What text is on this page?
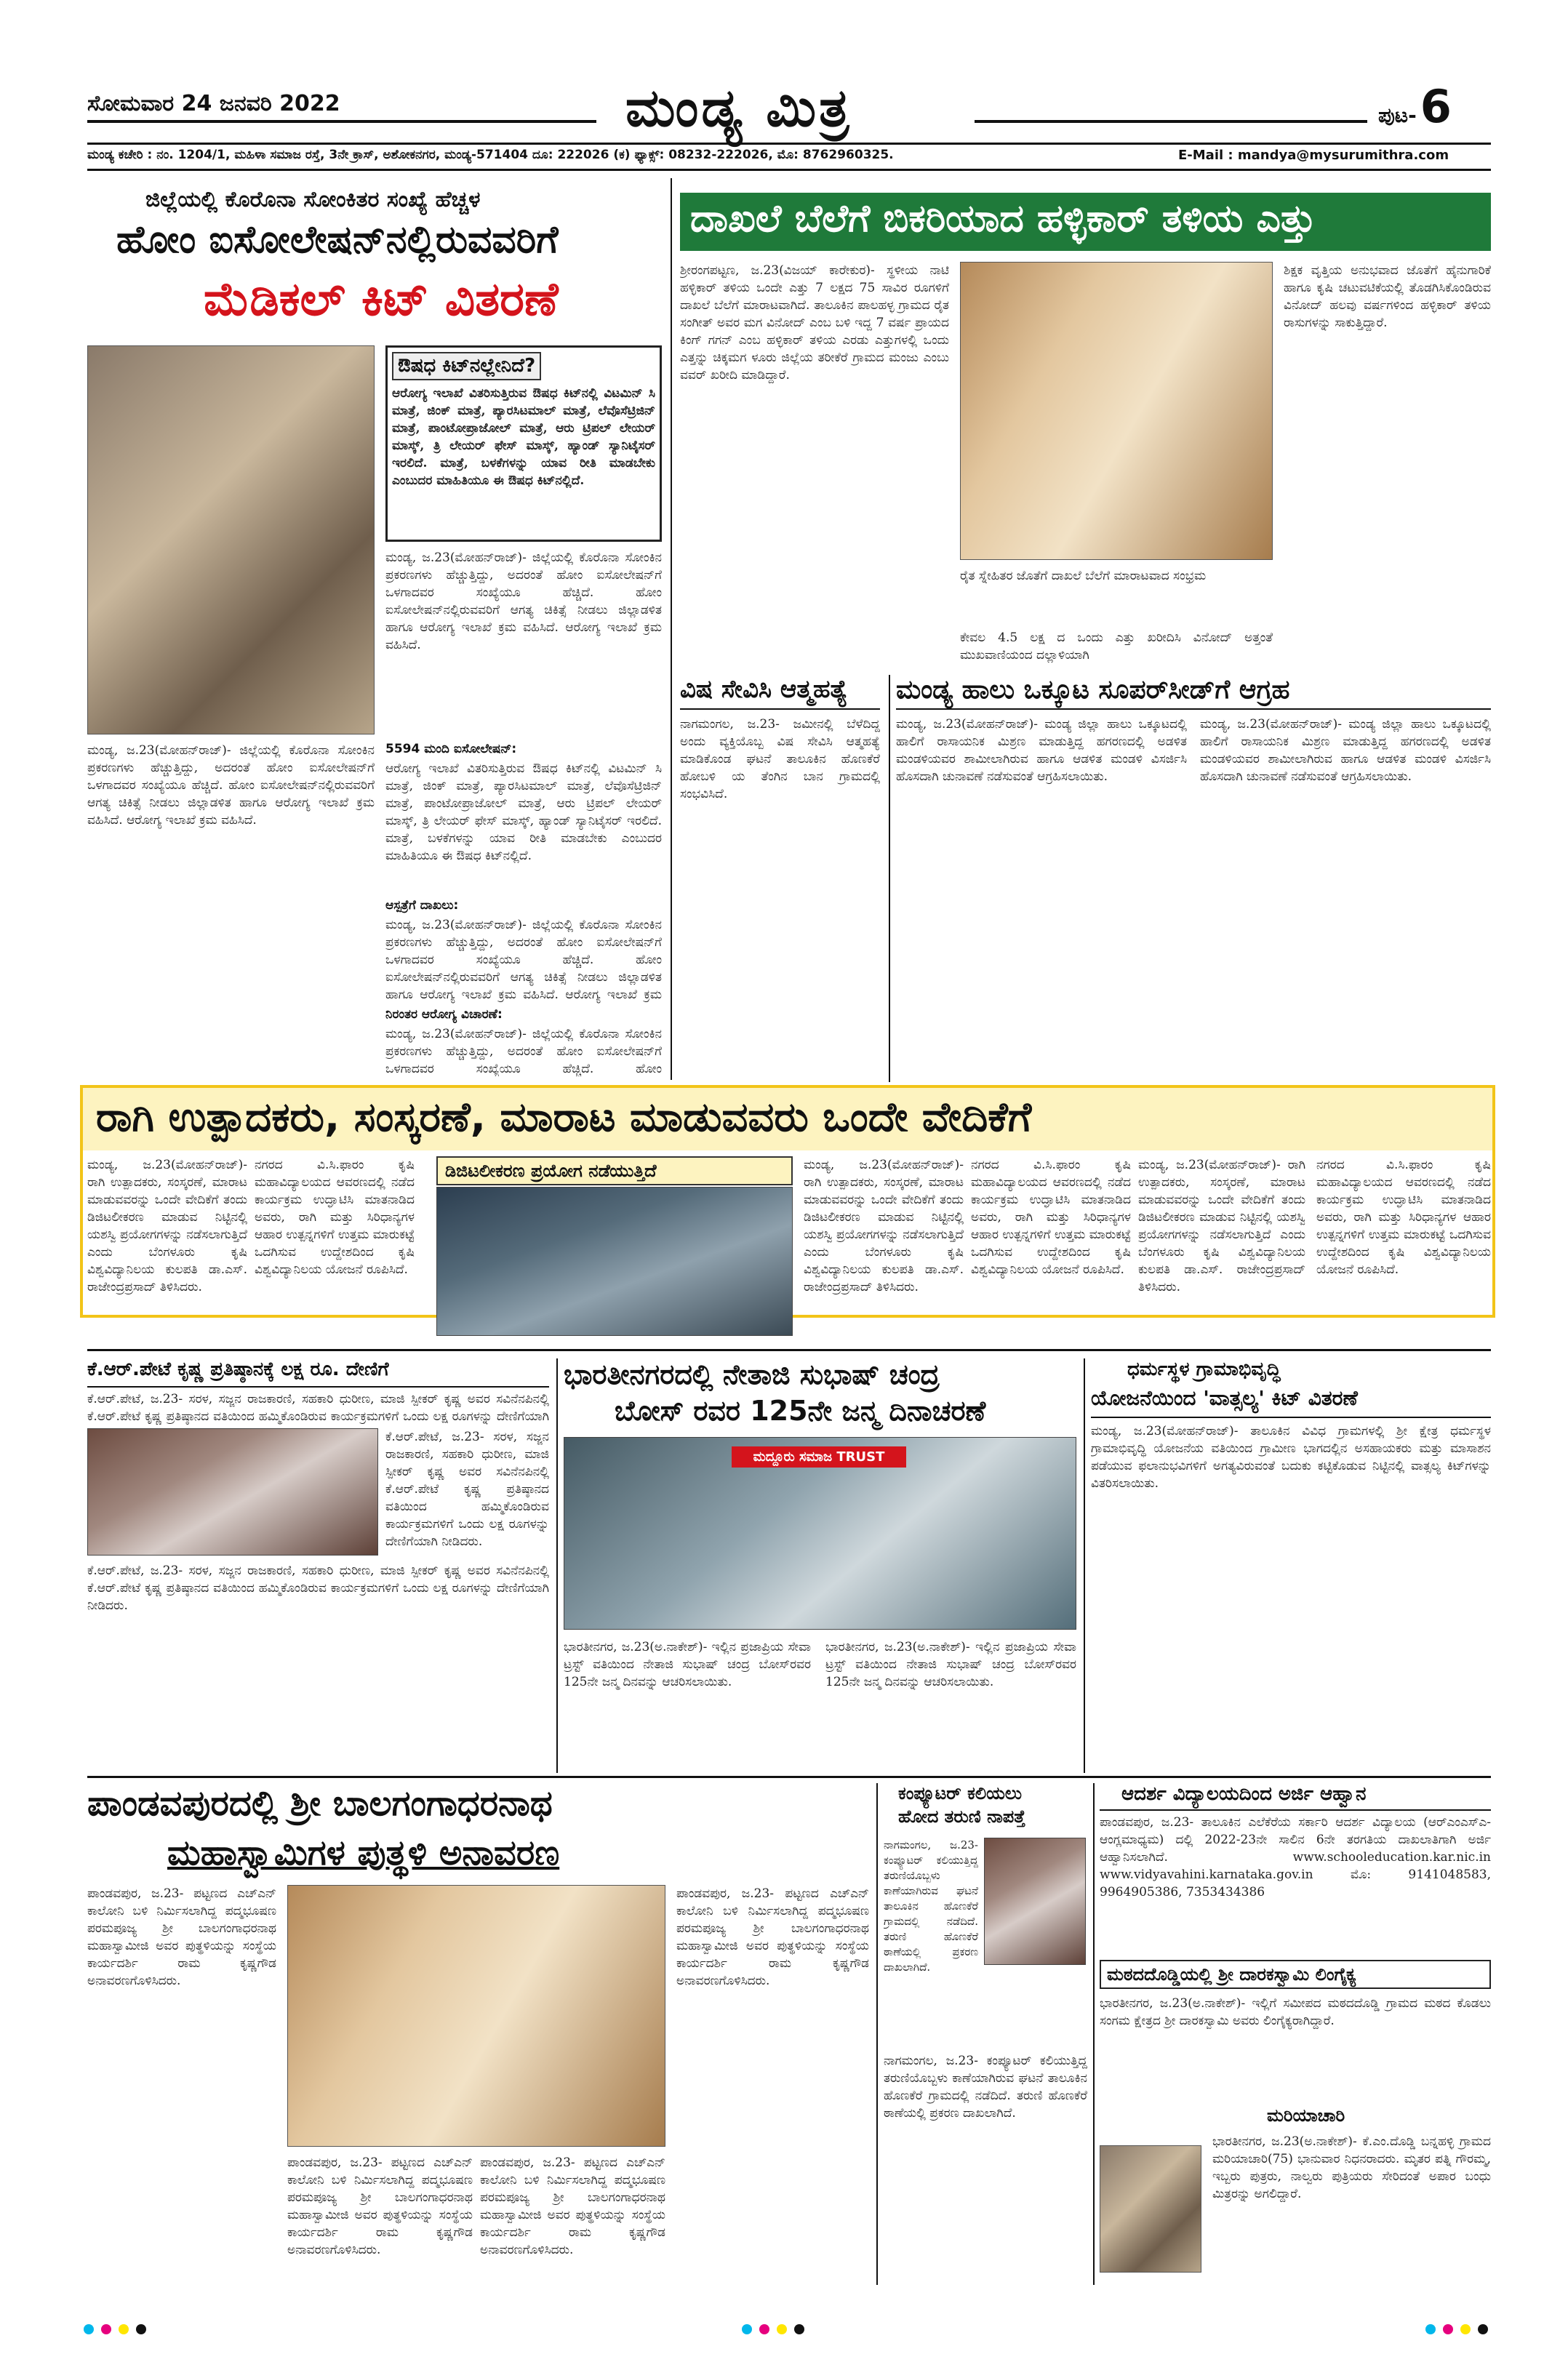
ಸೋಮವಾರ 24 ಜನವರಿ 2022	ಮಂಡ್ಯ ಮಿತ್ರ	ಪುಟ- 6
ಮಂಡ್ಯ ಕಚೇರಿ : ನಂ. 1204/1, ಮಹಿಳಾ ಸಮಾಜ ರಸ್ತೆ, 3ನೇ ಕ್ರಾಸ್, ಅಶೋಕನಗರ, ಮಂಡ್ಯ-571404 ದೂ: 222026 (ಕ) ಫ್ಯಾಕ್ಸ್: 08232-222026, ಮೊ: 8762960325.	E-Mail : mandya@mysurumithra.com
ಜಿಲ್ಲೆಯಲ್ಲಿ ಕೊರೊನಾ ಸೋಂಕಿತರ ಸಂಖ್ಯೆ ಹೆಚ್ಚಳ
ಹೋಂ ಐಸೋಲೇಷನ್‌ನಲ್ಲಿರುವವರಿಗೆ
ಮೆಡಿಕಲ್ ಕಿಟ್ ವಿತರಣೆ
ಔಷಧ ಕಿಟ್‌ನಲ್ಲೇನಿದೆ?
ಆರೋಗ್ಯ ಇಲಾಖೆ ವಿತರಿಸುತ್ತಿರುವ ಔಷಧ ಕಿಟ್‌ನಲ್ಲಿ ವಿಟಮಿನ್ ಸಿ ಮಾತ್ರೆ, ಜಿಂಕ್ ಮಾತ್ರೆ, ಪ್ಯಾರಸಿಟಮಾಲ್ ಮಾತ್ರೆ, ಲೆವೊಸೆಟ್ರಿಜಿನ್ ಮಾತ್ರೆ, ಪಾಂಟೋಪ್ರಾಜೋಲ್ ಮಾತ್ರೆ, ಆರು ಟ್ರಿಪಲ್ ಲೇಯರ್ ಮಾಸ್ಕ್, ತ್ರಿ ಲೇಯರ್ ಫೇಸ್ ಮಾಸ್ಕ್, ಹ್ಯಾಂಡ್ ಸ್ಯಾನಿಟೈಸರ್ ಇರಲಿದೆ. ಮಾತ್ರೆ, ಬಳಕೆಗಳನ್ನು ಯಾವ ರೀತಿ ಮಾಡಬೇಕು ಎಂಬುದರ ಮಾಹಿತಿಯೂ ಈ ಔಷಧ ಕಿಟ್‌ನಲ್ಲಿದೆ.
ಮಂಡ್ಯ, ಜ.23(ಮೋಹನ್‌ರಾಜ್)- ಜಿಲ್ಲೆಯಲ್ಲಿ ಕೊರೊನಾ ಸೋಂಕಿನ ಪ್ರಕರಣಗಳು ಹೆಚ್ಚುತ್ತಿದ್ದು, ಅದರಂತೆ ಹೋಂ ಐಸೋಲೇಷನ್‌ಗೆ ಒಳಗಾದವರ ಸಂಖ್ಯೆಯೂ ಹೆಚ್ಚಿದೆ. ಹೋಂ ಐಸೋಲೇಷನ್‌ನಲ್ಲಿರುವವರಿಗೆ ಆಗತ್ಯ ಚಿಕಿತ್ಸೆ ನೀಡಲು ಜಿಲ್ಲಾಡಳಿತ ಹಾಗೂ ಆರೋಗ್ಯ ಇಲಾಖೆ ಕ್ರಮ ವಹಿಸಿದೆ. ಆರೋಗ್ಯ ಇಲಾಖೆ ಕ್ರಮ ವಹಿಸಿದೆ.
ಮಂಡ್ಯ, ಜ.23(ಮೋಹನ್‌ರಾಜ್)- ಜಿಲ್ಲೆಯಲ್ಲಿ ಕೊರೊನಾ ಸೋಂಕಿನ ಪ್ರಕರಣಗಳು ಹೆಚ್ಚುತ್ತಿದ್ದು, ಅದರಂತೆ ಹೋಂ ಐಸೋಲೇಷನ್‌ಗೆ ಒಳಗಾದವರ ಸಂಖ್ಯೆಯೂ ಹೆಚ್ಚಿದೆ. ಹೋಂ ಐಸೋಲೇಷನ್‌ನಲ್ಲಿರುವವರಿಗೆ ಆಗತ್ಯ ಚಿಕಿತ್ಸೆ ನೀಡಲು ಜಿಲ್ಲಾಡಳಿತ ಹಾಗೂ ಆರೋಗ್ಯ ಇಲಾಖೆ ಕ್ರಮ ವಹಿಸಿದೆ. ಆರೋಗ್ಯ ಇಲಾಖೆ ಕ್ರಮ ವಹಿಸಿದೆ.
5594 ಮಂದಿ ಐಸೋಲೇಷನ್:
ಆರೋಗ್ಯ ಇಲಾಖೆ ವಿತರಿಸುತ್ತಿರುವ ಔಷಧ ಕಿಟ್‌ನಲ್ಲಿ ವಿಟಮಿನ್ ಸಿ ಮಾತ್ರೆ, ಜಿಂಕ್ ಮಾತ್ರೆ, ಪ್ಯಾರಸಿಟಮಾಲ್ ಮಾತ್ರೆ, ಲೆವೊಸೆಟ್ರಿಜಿನ್ ಮಾತ್ರೆ, ಪಾಂಟೋಪ್ರಾಜೋಲ್ ಮಾತ್ರೆ, ಆರು ಟ್ರಿಪಲ್ ಲೇಯರ್ ಮಾಸ್ಕ್, ತ್ರಿ ಲೇಯರ್ ಫೇಸ್ ಮಾಸ್ಕ್, ಹ್ಯಾಂಡ್ ಸ್ಯಾನಿಟೈಸರ್ ಇರಲಿದೆ. ಮಾತ್ರೆ, ಬಳಕೆಗಳನ್ನು ಯಾವ ರೀತಿ ಮಾಡಬೇಕು ಎಂಬುದರ ಮಾಹಿತಿಯೂ ಈ ಔಷಧ ಕಿಟ್‌ನಲ್ಲಿದೆ.
ಆಸ್ಪತ್ರೆಗೆ ದಾಖಲು:
ಮಂಡ್ಯ, ಜ.23(ಮೋಹನ್‌ರಾಜ್)- ಜಿಲ್ಲೆಯಲ್ಲಿ ಕೊರೊನಾ ಸೋಂಕಿನ ಪ್ರಕರಣಗಳು ಹೆಚ್ಚುತ್ತಿದ್ದು, ಅದರಂತೆ ಹೋಂ ಐಸೋಲೇಷನ್‌ಗೆ ಒಳಗಾದವರ ಸಂಖ್ಯೆಯೂ ಹೆಚ್ಚಿದೆ. ಹೋಂ ಐಸೋಲೇಷನ್‌ನಲ್ಲಿರುವವರಿಗೆ ಆಗತ್ಯ ಚಿಕಿತ್ಸೆ ನೀಡಲು ಜಿಲ್ಲಾಡಳಿತ ಹಾಗೂ ಆರೋಗ್ಯ ಇಲಾಖೆ ಕ್ರಮ ವಹಿಸಿದೆ. ಆರೋಗ್ಯ ಇಲಾಖೆ ಕ್ರಮ
ನಿರಂತರ ಆರೋಗ್ಯ ವಿಚಾರಣೆ:
ಮಂಡ್ಯ, ಜ.23(ಮೋಹನ್‌ರಾಜ್)- ಜಿಲ್ಲೆಯಲ್ಲಿ ಕೊರೊನಾ ಸೋಂಕಿನ ಪ್ರಕರಣಗಳು ಹೆಚ್ಚುತ್ತಿದ್ದು, ಅದರಂತೆ ಹೋಂ ಐಸೋಲೇಷನ್‌ಗೆ ಒಳಗಾದವರ ಸಂಖ್ಯೆಯೂ ಹೆಚ್ಚಿದೆ. ಹೋಂ
ದಾಖಲೆ ಬೆಲೆಗೆ ಬಿಕರಿಯಾದ ಹಳ್ಳಿಕಾರ್ ತಳಿಯ ಎತ್ತು
ಶ್ರೀರಂಗಪಟ್ಟಣ, ಜ.23(ವಿಜಯ್ ಕಾರೇಕುರ)- ಸ್ಥಳೀಯ ನಾಟಿ ಹಳ್ಳಿಕಾರ್ ತಳಿಯ ಒಂದೇ ಎತ್ತು 7 ಲಕ್ಷದ 75 ಸಾವಿರ ರೂಗಳಿಗೆ ದಾಖಲೆ ಬೆಲೆಗೆ ಮಾರಾಟವಾಗಿದೆ. ತಾಲೂಕಿನ ಪಾಲಹಳ್ಳ ಗ್ರಾಮದ ರೈತ ಸಂಗೀತ್ ಅವರ ಮಗ ವಿನೋದ್ ಎಂಬ ಬಳಿ ಇದ್ದ 7 ವರ್ಷ ಪ್ರಾಯದ ಕಿಂಗ್ ಗಗನ್ ಎಂಬ ಹಳ್ಳಿಕಾರ್ ತಳಿಯ ಎರಡು ಎತ್ತುಗಳಲ್ಲಿ ಒಂದು ಎತ್ತನ್ನು ಚಿಕ್ಕಮಗ ಳೂರು ಜಿಲ್ಲೆಯ ತರೀಕೆರೆ ಗ್ರಾಮದ ಮಂಜು ಎಂಬು ವವರ್ ಖರೀದಿ ಮಾಡಿದ್ದಾರೆ.
ರೈತ ಸ್ನೇಹಿತರ ಜೊತೆಗೆ ದಾಖಲೆ ಬೆಲೆಗೆ ಮಾರಾಟವಾದ ಸಂಭ್ರಮ
ಕೇವಲ 4.5 ಲಕ್ಷ ದ ಒಂದು ಎತ್ತು ಖರೀದಿಸಿ ವಿನೋದ್ ಅತ್ತಂತೆ ಮುಖವಾಣಿಯಂದ ದಲ್ಲಾಳಿಯಾಗಿ
ಶಿಕ್ಷಕ ವೃತ್ತಿಯ ಅನುಭವಾದ ಜೊತೆಗೆ ಹೈನುಗಾರಿಕೆ ಹಾಗೂ ಕೃಷಿ ಚಟುವಟಿಕೆಯಲ್ಲಿ ತೊಡಗಿಸಿಕೊಂಡಿರುವ ವಿನೋದ್ ಹಲವು ವರ್ಷಗಳಿಂದ ಹಳ್ಳಿಕಾರ್ ತಳಿಯ ರಾಸುಗಳನ್ನು ಸಾಕುತ್ತಿದ್ದಾರೆ.
ವಿಷ ಸೇವಿಸಿ ಆತ್ಮಹತ್ಯೆ
ನಾಗಮಂಗಲ, ಜ.23- ಜಮೀನಲ್ಲಿ ಬೆಳೆದಿದ್ದ ಅಂದು ವ್ಯಕ್ತಿಯೊಬ್ಬ ವಿಷ ಸೇವಿಸಿ ಆತ್ಮಹತ್ಯೆ ಮಾಡಿಕೊಂಡ ಘಟನೆ ತಾಲೂಕಿನ ಹೊಣಕೆರೆ ಹೋಬಳಿ ಯ ತೆಂಗಿನ ಬಾನ ಗ್ರಾಮದಲ್ಲಿ ಸಂಭವಿಸಿದೆ.
ಮಂಡ್ಯ ಹಾಲು ಒಕ್ಕೂಟ ಸೂಪರ್‌ಸೀಡ್‌ಗೆ ಆಗ್ರಹ
ಮಂಡ್ಯ, ಜ.23(ಮೋಹನ್‌ರಾಜ್)- ಮಂಡ್ಯ ಜಿಲ್ಲಾ ಹಾಲು ಒಕ್ಕೂಟದಲ್ಲಿ ಹಾಲಿಗೆ ರಾಸಾಯನಿಕ ಮಿಶ್ರಣ ಮಾಡುತ್ತಿದ್ದ ಹಗರಣದಲ್ಲಿ ಅಡಳಿತ ಮಂಡಳಿಯವರ ಶಾಮೀಲಾಗಿರುವ ಹಾಗೂ ಆಡಳಿತ ಮಂಡಳಿ ವಿಸರ್ಜಿಸಿ ಹೊಸದಾಗಿ ಚುನಾವಣೆ ನಡೆಸುವಂತೆ ಆಗ್ರಹಿಸಲಾಯಿತು.
ಮಂಡ್ಯ, ಜ.23(ಮೋಹನ್‌ರಾಜ್)- ಮಂಡ್ಯ ಜಿಲ್ಲಾ ಹಾಲು ಒಕ್ಕೂಟದಲ್ಲಿ ಹಾಲಿಗೆ ರಾಸಾಯನಿಕ ಮಿಶ್ರಣ ಮಾಡುತ್ತಿದ್ದ ಹಗರಣದಲ್ಲಿ ಅಡಳಿತ ಮಂಡಳಿಯವರ ಶಾಮೀಲಾಗಿರುವ ಹಾಗೂ ಆಡಳಿತ ಮಂಡಳಿ ವಿಸರ್ಜಿಸಿ ಹೊಸದಾಗಿ ಚುನಾವಣೆ ನಡೆಸುವಂತೆ ಆಗ್ರಹಿಸಲಾಯಿತು.
ರಾಗಿ ಉತ್ಪಾದಕರು, ಸಂಸ್ಕರಣೆ, ಮಾರಾಟ ಮಾಡುವವರು ಒಂದೇ ವೇದಿಕೆಗೆ
ಮಂಡ್ಯ, ಜ.23(ಮೋಹನ್‌ರಾಜ್)- ರಾಗಿ ಉತ್ಪಾದಕರು, ಸಂಸ್ಕರಣೆ, ಮಾರಾಟ ಮಾಡುವವರನ್ನು ಒಂದೇ ವೇದಿಕೆಗೆ ತಂದು ಡಿಜಿಟಲೀಕರಣ ಮಾಡುವ ನಿಟ್ಟಿನಲ್ಲಿ ಯಶಸ್ವಿ ಪ್ರಯೋಗಗಳನ್ನು ನಡೆಸಲಾಗುತ್ತಿದೆ ಎಂದು ಬೆಂಗಳೂರು ಕೃಷಿ ವಿಶ್ವವಿದ್ಯಾನಿಲಯ ಕುಲಪತಿ ಡಾ.ಎಸ್. ರಾಜೇಂದ್ರಪ್ರಸಾದ್ ತಿಳಿಸಿದರು.
ನಗರದ ವಿ.ಸಿ.ಫಾರಂ ಕೃಷಿ ಮಹಾವಿದ್ಯಾಲಯದ ಆವರಣದಲ್ಲಿ ನಡೆದ ಕಾರ್ಯಕ್ರಮ ಉದ್ಘಾಟಿಸಿ ಮಾತನಾಡಿದ ಅವರು, ರಾಗಿ ಮತ್ತು ಸಿರಿಧಾನ್ಯಗಳ ಆಹಾರ ಉತ್ಪನ್ನಗಳಿಗೆ ಉತ್ತಮ ಮಾರುಕಟ್ಟೆ ಒದಗಿಸುವ ಉದ್ದೇಶದಿಂದ ಕೃಷಿ ವಿಶ್ವವಿದ್ಯಾನಿಲಯ ಯೋಜನೆ ರೂಪಿಸಿದೆ.
ಡಿಜಿಟಲೀಕರಣ ಪ್ರಯೋಗ ನಡೆಯುತ್ತಿದೆ	ಮಂಡ್ಯ, ಜ.23(ಮೋಹನ್‌ರಾಜ್)- ರಾಗಿ ಉತ್ಪಾದಕರು, ಸಂಸ್ಕರಣೆ, ಮಾರಾಟ ಮಾಡುವವರನ್ನು ಒಂದೇ ವೇದಿಕೆಗೆ ತಂದು ಡಿಜಿಟಲೀಕರಣ ಮಾಡುವ ನಿಟ್ಟಿನಲ್ಲಿ ಯಶಸ್ವಿ ಪ್ರಯೋಗಗಳನ್ನು ನಡೆಸಲಾಗುತ್ತಿದೆ ಎಂದು ಬೆಂಗಳೂರು ಕೃಷಿ ವಿಶ್ವವಿದ್ಯಾನಿಲಯ ಕುಲಪತಿ ಡಾ.ಎಸ್. ರಾಜೇಂದ್ರಪ್ರಸಾದ್ ತಿಳಿಸಿದರು.
ನಗರದ ವಿ.ಸಿ.ಫಾರಂ ಕೃಷಿ ಮಹಾವಿದ್ಯಾಲಯದ ಆವರಣದಲ್ಲಿ ನಡೆದ ಕಾರ್ಯಕ್ರಮ ಉದ್ಘಾಟಿಸಿ ಮಾತನಾಡಿದ ಅವರು, ರಾಗಿ ಮತ್ತು ಸಿರಿಧಾನ್ಯಗಳ ಆಹಾರ ಉತ್ಪನ್ನಗಳಿಗೆ ಉತ್ತಮ ಮಾರುಕಟ್ಟೆ ಒದಗಿಸುವ ಉದ್ದೇಶದಿಂದ ಕೃಷಿ ವಿಶ್ವವಿದ್ಯಾನಿಲಯ ಯೋಜನೆ ರೂಪಿಸಿದೆ.
ಮಂಡ್ಯ, ಜ.23(ಮೋಹನ್‌ರಾಜ್)- ರಾಗಿ ಉತ್ಪಾದಕರು, ಸಂಸ್ಕರಣೆ, ಮಾರಾಟ ಮಾಡುವವರನ್ನು ಒಂದೇ ವೇದಿಕೆಗೆ ತಂದು ಡಿಜಿಟಲೀಕರಣ ಮಾಡುವ ನಿಟ್ಟಿನಲ್ಲಿ ಯಶಸ್ವಿ ಪ್ರಯೋಗಗಳನ್ನು ನಡೆಸಲಾಗುತ್ತಿದೆ ಎಂದು ಬೆಂಗಳೂರು ಕೃಷಿ ವಿಶ್ವವಿದ್ಯಾನಿಲಯ ಕುಲಪತಿ ಡಾ.ಎಸ್. ರಾಜೇಂದ್ರಪ್ರಸಾದ್ ತಿಳಿಸಿದರು.
ನಗರದ ವಿ.ಸಿ.ಫಾರಂ ಕೃಷಿ ಮಹಾವಿದ್ಯಾಲಯದ ಆವರಣದಲ್ಲಿ ನಡೆದ ಕಾರ್ಯಕ್ರಮ ಉದ್ಘಾಟಿಸಿ ಮಾತನಾಡಿದ ಅವರು, ರಾಗಿ ಮತ್ತು ಸಿರಿಧಾನ್ಯಗಳ ಆಹಾರ ಉತ್ಪನ್ನಗಳಿಗೆ ಉತ್ತಮ ಮಾರುಕಟ್ಟೆ ಒದಗಿಸುವ ಉದ್ದೇಶದಿಂದ ಕೃಷಿ ವಿಶ್ವವಿದ್ಯಾನಿಲಯ ಯೋಜನೆ ರೂಪಿಸಿದೆ.
ಕೆ.ಆರ್.ಪೇಟೆ ಕೃಷ್ಣ ಪ್ರತಿಷ್ಠಾನಕ್ಕೆ ಲಕ್ಷ ರೂ. ದೇಣಿಗೆ
ಕೆ.ಆರ್.ಪೇಟೆ, ಜ.23- ಸರಳ, ಸಜ್ಜನ ರಾಜಕಾರಣಿ, ಸಹಕಾರಿ ಧುರೀಣ, ಮಾಜಿ ಸ್ಪೀಕರ್ ಕೃಷ್ಣ ಅವರ ಸವಿನೆನಪಿನಲ್ಲಿ ಕೆ.ಆರ್.ಪೇಟೆ ಕೃಷ್ಣ ಪ್ರತಿಷ್ಠಾನದ ವತಿಯಿಂದ ಹಮ್ಮಿಕೊಂಡಿರುವ ಕಾರ್ಯಕ್ರಮಗಳಿಗೆ ಒಂದು ಲಕ್ಷ ರೂಗಳನ್ನು ದೇಣಿಗೆಯಾಗಿ
ಕೆ.ಆರ್.ಪೇಟೆ, ಜ.23- ಸರಳ, ಸಜ್ಜನ ರಾಜಕಾರಣಿ, ಸಹಕಾರಿ ಧುರೀಣ, ಮಾಜಿ ಸ್ಪೀಕರ್ ಕೃಷ್ಣ ಅವರ ಸವಿನೆನಪಿನಲ್ಲಿ ಕೆ.ಆರ್.ಪೇಟೆ ಕೃಷ್ಣ ಪ್ರತಿಷ್ಠಾನದ ವತಿಯಿಂದ ಹಮ್ಮಿಕೊಂಡಿರುವ ಕಾರ್ಯಕ್ರಮಗಳಿಗೆ ಒಂದು ಲಕ್ಷ ರೂಗಳನ್ನು ದೇಣಿಗೆಯಾಗಿ ನೀಡಿದರು.
ಕೆ.ಆರ್.ಪೇಟೆ, ಜ.23- ಸರಳ, ಸಜ್ಜನ ರಾಜಕಾರಣಿ, ಸಹಕಾರಿ ಧುರೀಣ, ಮಾಜಿ ಸ್ಪೀಕರ್ ಕೃಷ್ಣ ಅವರ ಸವಿನೆನಪಿನಲ್ಲಿ ಕೆ.ಆರ್.ಪೇಟೆ ಕೃಷ್ಣ ಪ್ರತಿಷ್ಠಾನದ ವತಿಯಿಂದ ಹಮ್ಮಿಕೊಂಡಿರುವ ಕಾರ್ಯಕ್ರಮಗಳಿಗೆ ಒಂದು ಲಕ್ಷ ರೂಗಳನ್ನು ದೇಣಿಗೆಯಾಗಿ ನೀಡಿದರು.
ಭಾರತೀನಗರದಲ್ಲಿ ನೇತಾಜಿ ಸುಭಾಷ್ ಚಂದ್ರ
ಬೋಸ್ ರವರ 125ನೇ ಜನ್ಮ ದಿನಾಚರಣೆ
ಮದ್ದೂರು ಸಮಾಜ TRUST
ಭಾರತೀನಗರ, ಜ.23(ಅ.ನಾಕೇಶ್)- ಇಲ್ಲಿನ ಪ್ರಜಾಪ್ರಿಯ ಸೇವಾ ಟ್ರಸ್ಟ್ ವತಿಯಿಂದ ನೇತಾಜಿ ಸುಭಾಷ್ ಚಂದ್ರ ಬೋಸ್‌ರವರ 125ನೇ ಜನ್ಮ ದಿನವನ್ನು ಆಚರಿಸಲಾಯಿತು.
ಭಾರತೀನಗರ, ಜ.23(ಅ.ನಾಕೇಶ್)- ಇಲ್ಲಿನ ಪ್ರಜಾಪ್ರಿಯ ಸೇವಾ ಟ್ರಸ್ಟ್ ವತಿಯಿಂದ ನೇತಾಜಿ ಸುಭಾಷ್ ಚಂದ್ರ ಬೋಸ್‌ರವರ 125ನೇ ಜನ್ಮ ದಿನವನ್ನು ಆಚರಿಸಲಾಯಿತು.
ಧರ್ಮಸ್ಥಳ ಗ್ರಾಮಾಭಿವೃದ್ಧಿ
ಯೋಜನೆಯಿಂದ 'ವಾತ್ಸಲ್ಯ' ಕಿಟ್ ವಿತರಣೆ
ಮಂಡ್ಯ, ಜ.23(ಮೋಹನ್‌ರಾಜ್)- ತಾಲೂಕಿನ ವಿವಿಧ ಗ್ರಾಮಗಳಲ್ಲಿ ಶ್ರೀ ಕ್ಷೇತ್ರ ಧರ್ಮಸ್ಥಳ ಗ್ರಾಮಾಭಿವೃದ್ಧಿ ಯೋಜನೆಯ ವತಿಯಿಂದ ಗ್ರಾಮೀಣ ಭಾಗದಲ್ಲಿನ ಅಸಹಾಯಕರು ಮತ್ತು ಮಾಸಾಶನ ಪಡೆಯುವ ಫಲಾನುಭವಿಗಳಿಗೆ ಅಗತ್ಯವಿರುವಂತೆ ಬದುಕು ಕಟ್ಟಿಕೊಡುವ ನಿಟ್ಟಿನಲ್ಲಿ ವಾತ್ಸಲ್ಯ ಕಿಟ್‌ಗಳನ್ನು ವಿತರಿಸಲಾಯಿತು.
ಪಾಂಡವಪುರದಲ್ಲಿ ಶ್ರೀ ಬಾಲಗಂಗಾಧರನಾಥ
ಮಹಾಸ್ವಾಮಿಗಳ ಪುತ್ಥಳಿ ಅನಾವರಣ
ಪಾಂಡವಪುರ, ಜ.23- ಪಟ್ಟಣದ ಎಚ್‌ಎನ್ ಕಾಲೋನಿ ಬಳಿ ನಿರ್ಮಿಸಲಾಗಿದ್ದ ಪದ್ಮಭೂಷಣ ಪರಮಪೂಜ್ಯ ಶ್ರೀ ಬಾಲಗಂಗಾಧರನಾಥ ಮಹಾಸ್ವಾಮೀಜಿ ಅವರ ಪುತ್ಥಳಿಯನ್ನು ಸಂಸ್ಥೆಯ ಕಾರ್ಯದರ್ಶಿ ರಾಮ ಕೃಷ್ಣಗೌಡ ಅನಾವರಣಗೊಳಿಸಿದರು.
ಪಾಂಡವಪುರ, ಜ.23- ಪಟ್ಟಣದ ಎಚ್‌ಎನ್ ಕಾಲೋನಿ ಬಳಿ ನಿರ್ಮಿಸಲಾಗಿದ್ದ ಪದ್ಮಭೂಷಣ ಪರಮಪೂಜ್ಯ ಶ್ರೀ ಬಾಲಗಂಗಾಧರನಾಥ ಮಹಾಸ್ವಾಮೀಜಿ ಅವರ ಪುತ್ಥಳಿಯನ್ನು ಸಂಸ್ಥೆಯ ಕಾರ್ಯದರ್ಶಿ ರಾಮ ಕೃಷ್ಣಗೌಡ ಅನಾವರಣಗೊಳಿಸಿದರು.
ಪಾಂಡವಪುರ, ಜ.23- ಪಟ್ಟಣದ ಎಚ್‌ಎನ್ ಕಾಲೋನಿ ಬಳಿ ನಿರ್ಮಿಸಲಾಗಿದ್ದ ಪದ್ಮಭೂಷಣ ಪರಮಪೂಜ್ಯ ಶ್ರೀ ಬಾಲಗಂಗಾಧರನಾಥ ಮಹಾಸ್ವಾಮೀಜಿ ಅವರ ಪುತ್ಥಳಿಯನ್ನು ಸಂಸ್ಥೆಯ ಕಾರ್ಯದರ್ಶಿ ರಾಮ ಕೃಷ್ಣಗೌಡ ಅನಾವರಣಗೊಳಿಸಿದರು.
ಪಾಂಡವಪುರ, ಜ.23- ಪಟ್ಟಣದ ಎಚ್‌ಎನ್ ಕಾಲೋನಿ ಬಳಿ ನಿರ್ಮಿಸಲಾಗಿದ್ದ ಪದ್ಮಭೂಷಣ ಪರಮಪೂಜ್ಯ ಶ್ರೀ ಬಾಲಗಂಗಾಧರನಾಥ ಮಹಾಸ್ವಾಮೀಜಿ ಅವರ ಪುತ್ಥಳಿಯನ್ನು ಸಂಸ್ಥೆಯ ಕಾರ್ಯದರ್ಶಿ ರಾಮ ಕೃಷ್ಣಗೌಡ ಅನಾವರಣಗೊಳಿಸಿದರು.
ಕಂಪ್ಯೂಟರ್ ಕಲಿಯಲು
ಹೋದ ತರುಣಿ ನಾಪತ್ತೆ
ನಾಗಮಂಗಲ, ಜ.23- ಕಂಪ್ಯೂಟರ್ ಕಲಿಯುತ್ತಿದ್ದ ತರುಣಿಯೊಬ್ಬಳು ಕಾಣೆಯಾಗಿರುವ ಘಟನೆ ತಾಲೂಕಿನ ಹೊಣಕೆರೆ ಗ್ರಾಮದಲ್ಲಿ ನಡೆದಿದೆ. ತರುಣಿ ಹೊಣಕೆರೆ ಠಾಣೆಯಲ್ಲಿ ಪ್ರಕರಣ ದಾಖಲಾಗಿದೆ.
ನಾಗಮಂಗಲ, ಜ.23- ಕಂಪ್ಯೂಟರ್ ಕಲಿಯುತ್ತಿದ್ದ ತರುಣಿಯೊಬ್ಬಳು ಕಾಣೆಯಾಗಿರುವ ಘಟನೆ ತಾಲೂಕಿನ ಹೊಣಕೆರೆ ಗ್ರಾಮದಲ್ಲಿ ನಡೆದಿದೆ. ತರುಣಿ ಹೊಣಕೆರೆ ಠಾಣೆಯಲ್ಲಿ ಪ್ರಕರಣ ದಾಖಲಾಗಿದೆ.
ಆದರ್ಶ ವಿದ್ಯಾಲಯದಿಂದ ಅರ್ಜಿ ಆಹ್ವಾನ
ಪಾಂಡವಪುರ, ಜ.23- ತಾಲೂಕಿನ ಎಲೆಕೆರೆಯ ಸರ್ಕಾರಿ ಆದರ್ಶ ವಿದ್ಯಾಲಯ (ಆರ್‌ಎಂಎಸ್‌ಎ-ಆಂಗ್ಲಮಾಧ್ಯಮ) ದಲ್ಲಿ 2022-23ನೇ ಸಾಲಿನ 6ನೇ ತರಗತಿಯ ದಾಖಲಾತಿಗಾಗಿ ಅರ್ಜಿ ಆಹ್ವಾನಿಸಲಾಗಿದೆ. www.schooleducation.kar.nic.in www.vidyavahini.karnataka.gov.in ಮೊ: 9141048583, 9964905386, 7353434386
ಮಠದದೊಡ್ಡಿಯಲ್ಲಿ ಶ್ರೀ ದಾರಕಸ್ವಾಮಿ ಲಿಂಗೈಕ್ಯ
ಭಾರತೀನಗರ, ಜ.23(ಅ.ನಾಕೇಶ್)- ಇಲ್ಲಿಗೆ ಸಮೀಪದ ಮಠದದೊಡ್ಡಿ ಗ್ರಾಮದ ಮಠದ ಕೊಡಲು ಸಂಗಮ ಕ್ಷೇತ್ರದ ಶ್ರೀ ದಾರಕಸ್ವಾಮಿ ಅವರು ಲಿಂಗೈಕ್ಯರಾಗಿದ್ದಾರೆ.
ಮರಿಯಾಚಾರಿ
ಭಾರತೀನಗರ, ಜ.23(ಅ.ನಾಕೇಶ್)- ಕೆ.ಎಂ.ದೊಡ್ಡಿ ಬನ್ನಹಳ್ಳಿ ಗ್ರಾಮದ ಮರಿಯಾಚಾರಿ(75) ಭಾನುವಾರ ನಿಧನರಾದರು. ಮೃತರ ಪತ್ನಿ ಗೌರಮ್ಮ, ಇಬ್ಬರು ಪುತ್ರರು, ನಾಲ್ವರು ಪುತ್ರಿಯರು ಸೇರಿದಂತೆ ಅಪಾರ ಬಂಧು ಮಿತ್ರರನ್ನು ಅಗಲಿದ್ದಾರೆ.
